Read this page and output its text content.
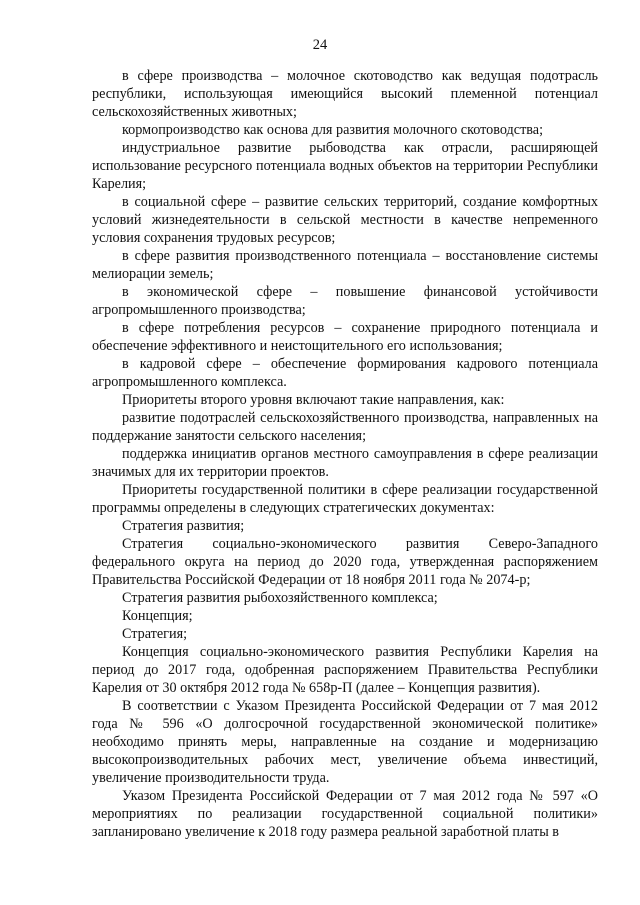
24

в сфере производства – молочное скотоводство как ведущая подотрасль республики, использующая имеющийся высокий племенной потенциал сельскохозяйственных животных;

кормопроизводство как основа для развития молочного скотоводства;

индустриальное развитие рыбоводства как отрасли, расширяющей использование ресурсного потенциала водных объектов на территории Республики Карелия;

в социальной сфере – развитие сельских территорий, создание комфортных условий жизнедеятельности в сельской местности в качестве непременного условия сохранения трудовых ресурсов;

в сфере развития производственного потенциала – восстановление системы мелиорации земель;

в экономической сфере – повышение финансовой устойчивости агропромышленного производства;

в сфере потребления ресурсов – сохранение природного потенциала и обеспечение эффективного и неистощительного его использования;

в кадровой сфере – обеспечение формирования кадрового потенциала агропромышленного комплекса.

Приоритеты второго уровня включают такие направления, как:

развитие подотраслей сельскохозяйственного производства, направленных на поддержание занятости сельского населения;

поддержка инициатив органов местного самоуправления в сфере реализации значимых для их территории проектов.

Приоритеты государственной политики в сфере реализации государственной программы определены в следующих стратегических документах:

Стратегия развития;

Стратегия социально-экономического развития Северо-Западного федерального округа на период до 2020 года, утвержденная распоряжением Правительства Российской Федерации от 18 ноября 2011 года № 2074-р;

Стратегия развития рыбохозяйственного комплекса;

Концепция;

Стратегия;

Концепция социально-экономического развития Республики Карелия на период до 2017 года, одобренная распоряжением Правительства Республики Карелия от 30 октября 2012 года № 658р-П (далее – Концепция развития).

В соответствии с Указом Президента Российской Федерации от 7 мая 2012 года № 596 «О долгосрочной государственной экономической политике» необходимо принять меры, направленные на создание и модернизацию высокопроизводительных рабочих мест, увеличение объема инвестиций, увеличение производительности труда.

Указом Президента Российской Федерации от 7 мая 2012 года № 597 «О мероприятиях по реализации государственной социальной политики» запланировано увеличение к 2018 году размера реальной заработной платы в
